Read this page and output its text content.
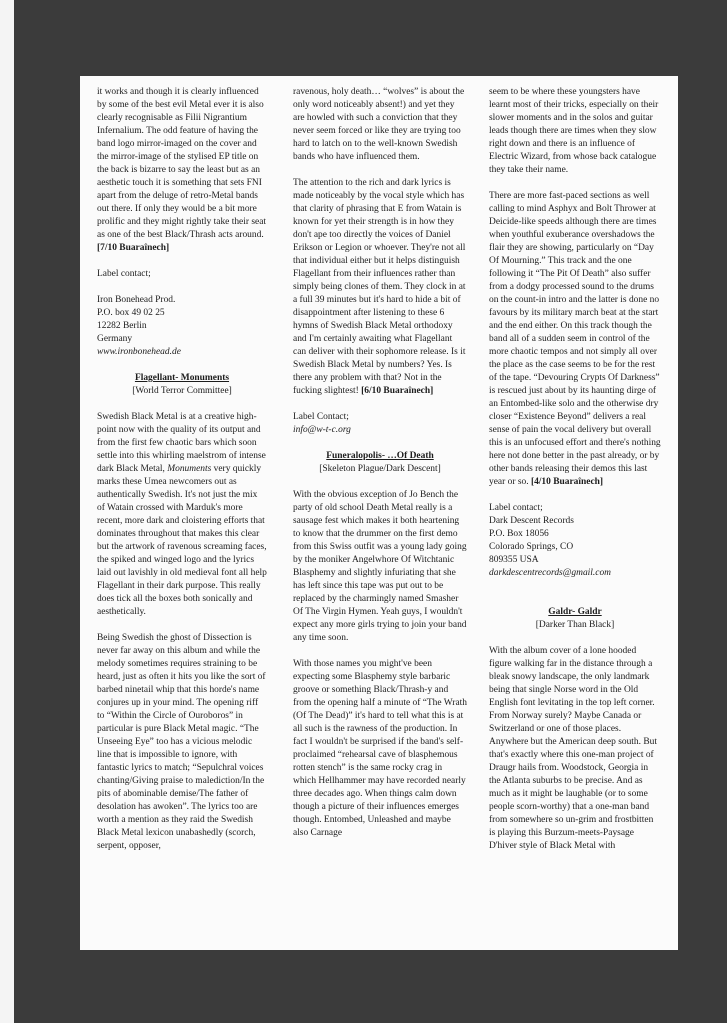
it works and though it is clearly influenced by some of the best evil Metal ever it is also clearly recognisable as Filii Nigrantium Infernalium. The odd feature of having the band logo mirror-imaged on the cover and the mirror-image of the stylised EP title on the back is bizarre to say the least but as an aesthetic touch it is something that sets FNI apart from the deluge of retro-Metal bands out there. If only they would be a bit more prolific and they might rightly take their seat as one of the best Black/Thrash acts around. [7/10 Buaraînech]

Label contact;

Iron Bonehead Prod.
P.O. box 49 02 25
12282 Berlin
Germany
www.ironbonehead.de
Flagellant- Monuments
[World Terror Committee]

Swedish Black Metal is at a creative high-point now with the quality of its output and from the first few chaotic bars which soon settle into this whirling maelstrom of intense dark Black Metal, Monuments very quickly marks these Umea newcomers out as authentically Swedish. It's not just the mix of Watain crossed with Marduk's more recent, more dark and cloistering efforts that dominates throughout that makes this clear but the artwork of ravenous screaming faces, the spiked and winged logo and the lyrics laid out lavishly in old medieval font all help Flagellant in their dark purpose. This really does tick all the boxes both sonically and aesthetically.

Being Swedish the ghost of Dissection is never far away on this album and while the melody sometimes requires straining to be heard, just as often it hits you like the sort of barbed ninetail whip that this horde's name conjures up in your mind. The opening riff to “Within the Circle of Ouroboros” in particular is pure Black Metal magic. “The Unseeing Eye” too has a vicious melodic line that is impossible to ignore, with fantastic lyrics to match; “Sepulchral voices chanting/Giving praise to malediction/In the pits of abominable demise/The father of desolation has awoken”. The lyrics too are worth a mention as they raid the Swedish Black Metal lexicon unabashedly (scorch, serpent, opposer,

ravenous, holy death… “wolves” is about the only word noticeably absent!) and yet they are howled with such a conviction that they never seem forced or like they are trying too hard to latch on to the well-known Swedish bands who have influenced them.

The attention to the rich and dark lyrics is made noticeably by the vocal style which has that clarity of phrasing that E from Watain is known for yet their strength is in how they don't ape too directly the voices of Daniel Erikson or Legion or whoever. They're not all that individual either but it helps distinguish Flagellant from their influences rather than simply being clones of them. They clock in at a full 39 minutes but it's hard to hide a bit of disappointment after listening to these 6 hymns of Swedish Black Metal orthodoxy and I'm certainly awaiting what Flagellant can deliver with their sophomore release. Is it Swedish Black Metal by numbers? Yes. Is there any problem with that? Not in the fucking slightest! [6/10 Buaraînech]

Label Contact;
info@w-t-c.org
Funeralopolis- …Of Death
[Skeleton Plague/Dark Descent]

With the obvious exception of Jo Bench the party of old school Death Metal really is a sausage fest which makes it both heartening to know that the drummer on the first demo from this Swiss outfit was a young lady going by the moniker Angelwhore Of Witchtanic Blasphemy and slightly infuriating that she has left since this tape was put out to be replaced by the charmingly named Smasher Of The Virgin Hymen. Yeah guys, I wouldn't expect any more girls trying to join your band any time soon.

With those names you might've been expecting some Blasphemy style barbaric groove or something Black/Thrash-y and from the opening half a minute of “The Wrath (Of The Dead)” it's hard to tell what this is at all such is the rawness of the production. In fact I wouldn't be surprised if the band's self-proclaimed “rehearsal cave of blasphemous rotten stench” is the same rocky crag in which Hellhammer may have recorded nearly three decades ago. When things calm down though a picture of their influences emerges though. Entombed, Unleashed and maybe also Carnage

seem to be where these youngsters have learnt most of their tricks, especially on their slower moments and in the solos and guitar leads though there are times when they slow right down and there is an influence of Electric Wizard, from whose back catalogue they take their name.

There are more fast-paced sections as well calling to mind Asphyx and Bolt Thrower at Deicide-like speeds although there are times when youthful exuberance overshadows the flair they are showing, particularly on “Day Of Mourning.” This track and the one following it “The Pit Of Death” also suffer from a dodgy processed sound to the drums on the count-in intro and the latter is done no favours by its military march beat at the start and the end either. On this track though the band all of a sudden seem in control of the more chaotic tempos and not simply all over the place as the case seems to be for the rest of the tape. “Devouring Crypts Of Darkness” is rescued just about by its haunting dirge of an Entombed-like solo and the otherwise dry closer “Existence Beyond” delivers a real sense of pain the vocal delivery but overall this is an unfocused effort and there's nothing here not done better in the past already, or by other bands releasing their demos this last year or so. [4/10 Buaraînech]

Label contact;
Dark Descent Records
P.O. Box 18056
Colorado Springs, CO
809355 USA
darkdescentrecords@gmail.com
Galdr- Galdr
[Darker Than Black]

With the album cover of a lone hooded figure walking far in the distance through a bleak snowy landscape, the only landmark being that single Norse word in the Old English font levitating in the top left corner. From Norway surely? Maybe Canada or Switzerland or one of those places. Anywhere but the American deep south. But that's exactly where this one-man project of Draugr hails from. Woodstock, Georgia in the Atlanta suburbs to be precise. And as much as it might be laughable (or to some people scorn-worthy) that a one-man band from somewhere so un-grim and frostbitten is playing this Burzum-meets-Paysage D'hiver style of Black Metal with
